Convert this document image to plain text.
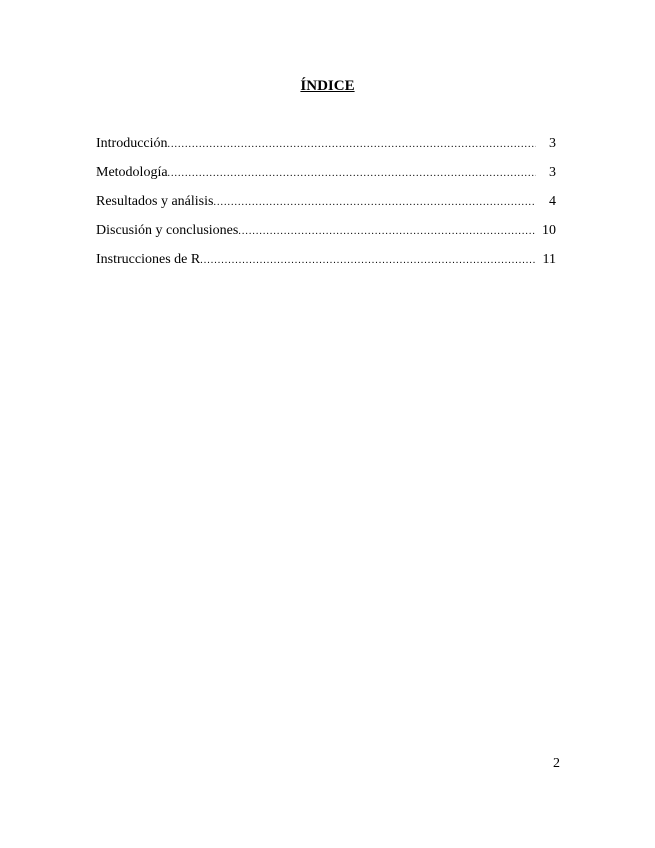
ÍNDICE
Introducción .....	3
Metodología .....	3
Resultados y análisis .....	4
Discusión y conclusiones .....	10
Instrucciones de R .....	11

2
